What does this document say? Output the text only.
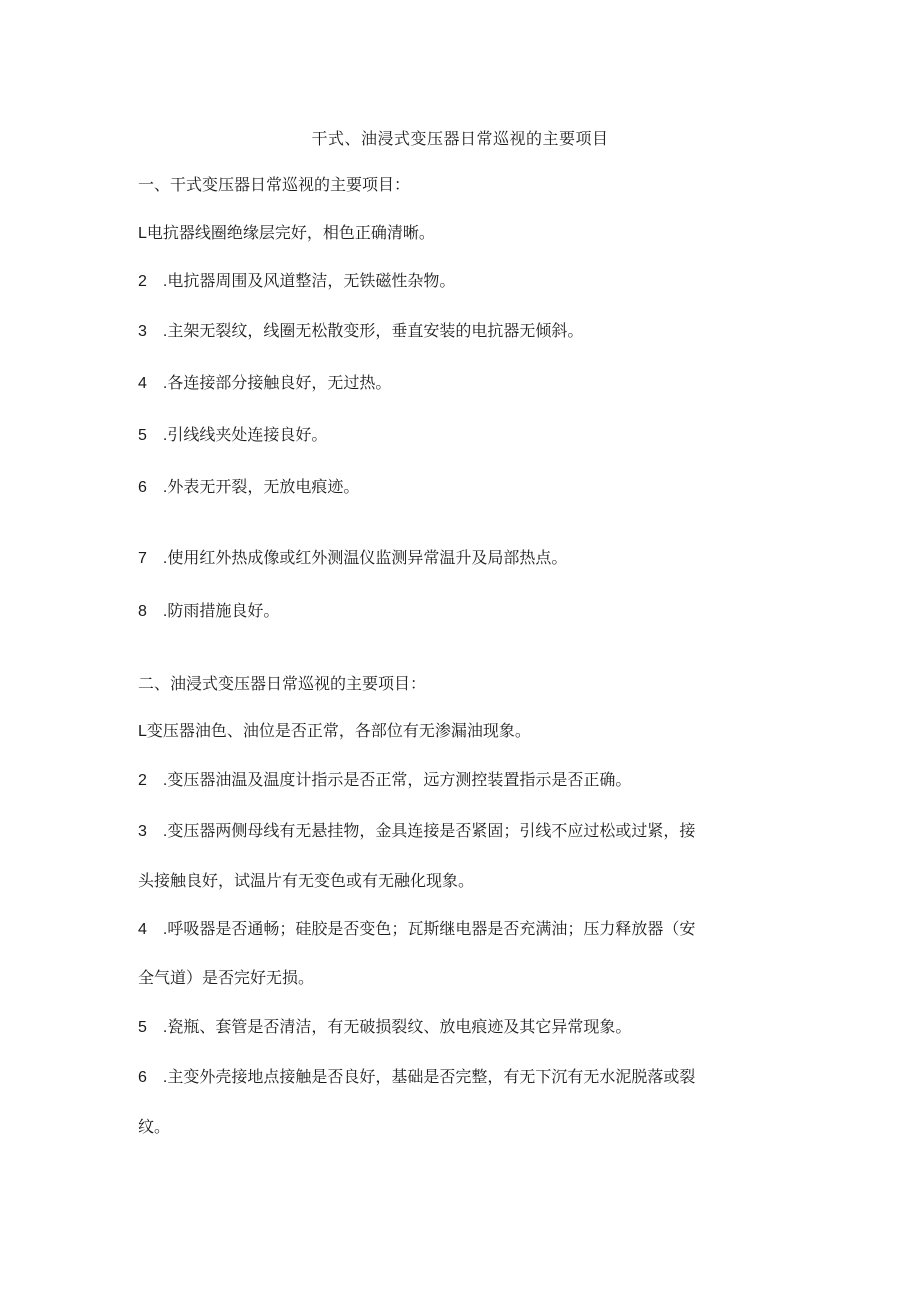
干式、油浸式变压器日常巡视的主要项目
一、干式变压器日常巡视的主要项目：
L电抗器线圈绝缘层完好，相色正确清晰。
2　.电抗器周围及风道整洁，无铁磁性杂物。
3　.主架无裂纹，线圈无松散变形，垂直安装的电抗器无倾斜。
4　.各连接部分接触良好，无过热。
5　.引线线夹处连接良好。
6　.外表无开裂，无放电痕迹。
7　.使用红外热成像或红外测温仪监测异常温升及局部热点。
8　.防雨措施良好。
二、油浸式变压器日常巡视的主要项目：
L变压器油色、油位是否正常，各部位有无渗漏油现象。
2　.变压器油温及温度计指示是否正常，远方测控装置指示是否正确。
3　.变压器两侧母线有无悬挂物，金具连接是否紧固；引线不应过松或过紧，接
头接触良好，试温片有无变色或有无融化现象。
4　.呼吸器是否通畅；硅胶是否变色；瓦斯继电器是否充满油；压力释放器（安
全气道）是否完好无损。
5　.瓷瓶、套管是否清洁，有无破损裂纹、放电痕迹及其它异常现象。
6　.主变外壳接地点接触是否良好，基础是否完整，有无下沉有无水泥脱落或裂
纹。
